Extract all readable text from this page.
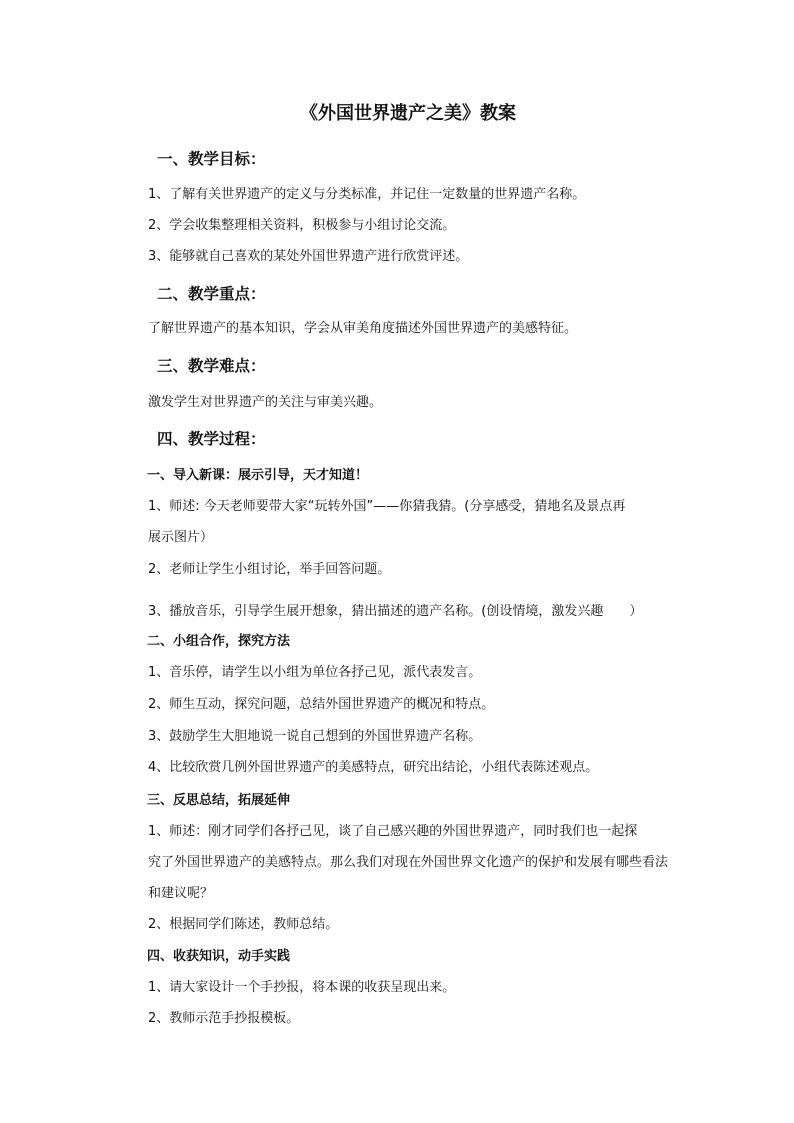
《外国世界遗产之美》教案
一、教学目标：
1、了解有关世界遗产的定义与分类标准，并记住一定数量的世界遗产名称。
2、学会收集整理相关资料，积极参与小组讨论交流。
3、能够就自己喜欢的某处外国世界遗产进行欣赏评述。
二、教学重点：
了解世界遗产的基本知识，学会从审美角度描述外国世界遗产的美感特征。
三、教学难点：
激发学生对世界遗产的关注与审美兴趣。
四、教学过程：
一、导入新课：展示引导，天才知道！
1、师述: 今天老师要带大家“玩转外国”——你猜我猜。(分享感受，猜地名及景点再
展示图片）
2、老师让学生小组讨论，举手回答问题。
3、播放音乐，引导学生展开想象，猜出描述的遗产名称。(创设情境，激发兴趣　　）
二、小组合作，探究方法
1、音乐停，请学生以小组为单位各抒己见，派代表发言。
2、师生互动，探究问题，总结外国世界遗产的概况和特点。
3、鼓励学生大胆地说一说自己想到的外国世界遗产名称。
4、比较欣赏几例外国世界遗产的美感特点，研究出结论，小组代表陈述观点。
三、反思总结，拓展延伸
1、师述：刚才同学们各抒己见，谈了自己感兴趣的外国世界遗产，同时我们也一起探
究了外国世界遗产的美感特点。那么我们对现在外国世界文化遗产的保护和发展有哪些看法
和建议呢？
2、根据同学们陈述，教师总结。
四、收获知识，动手实践
1、请大家设计一个手抄报，将本课的收获呈现出来。
2、教师示范手抄报模板。
